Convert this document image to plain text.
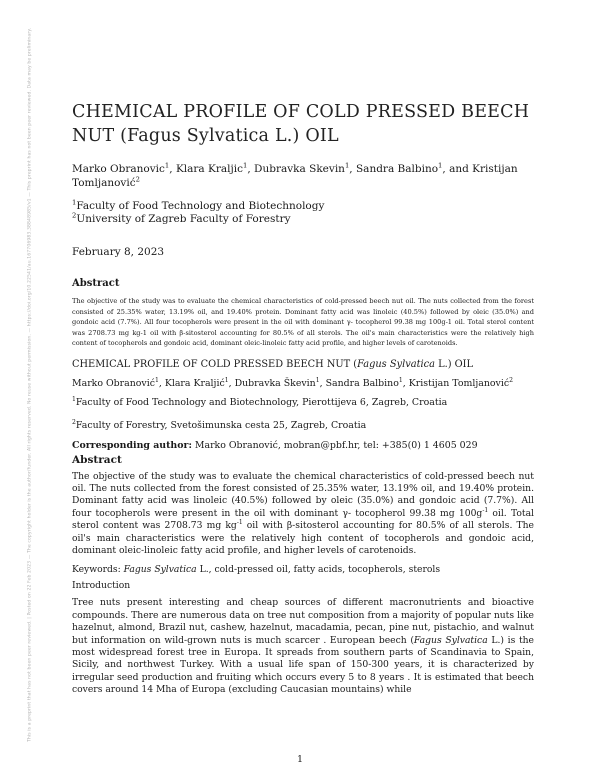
This is a preprint that has not been peer reviewed. | Posted on 22 Feb 2023 — The copyright holder is the author/funder. All rights reserved. No reuse without permission. — https://doi.org/10.22541/au.167706983.38848985/v1 — This preprint has not been peer reviewed. Data may be preliminary. CHEMICAL PROFILE OF COLD PRESSED BEECH NUT (Fagus Sylvatica L.) OIL
Marko Obranovic$^1$, Klara Kraljic$^1$, Dubravka Skevin$^1$, Sandra Balbino$^1$, and Kristijan Tomljanović$^2$
$^1$Faculty of Food Technology and Biotechnology
$^2$University of Zagreb Faculty of Forestry
February 8, 2023
Abstract
The objective of the study was to evaluate the chemical characteristics of cold-pressed beech nut oil. The nuts collected from the forest consisted of 25.35% water, 13.19% oil, and 19.40% protein. Dominant fatty acid was linoleic (40.5%) followed by oleic (35.0%) and gondoic acid (7.7%). All four tocopherols were present in the oil with dominant γ- tocopherol 99.38 mg 100g-1 oil. Total sterol content was 2708.73 mg kg-1 oil with β-sitosterol accounting for 80.5% of all sterols. The oil's main characteristics were the relatively high content of tocopherols and gondoic acid, dominant oleic-linoleic fatty acid profile, and higher levels of carotenoids.
CHEMICAL PROFILE OF COLD PRESSED BEECH NUT (Fagus Sylvatica L.) OIL
Marko Obranović$^1$, Klara Kraljić$^1$, Dubravka Škevin$^1$, Sandra Balbino$^1$, Kristijan Tomljanović$^2$
$^1$Faculty of Food Technology and Biotechnology, Pierottijeva 6, Zagreb, Croatia
$^2$Faculty of Forestry, Svetošimunska cesta 25, Zagreb, Croatia
Corresponding author: Marko Obranović, mobran@pbf.hr, tel: +385(0) 1 4605 029
Abstract
The objective of the study was to evaluate the chemical characteristics of cold-pressed beech nut oil. The nuts collected from the forest consisted of 25.35% water, 13.19% oil, and 19.40% protein. Dominant fatty acid was linoleic (40.5%) followed by oleic (35.0%) and gondoic acid (7.7%). All four tocopherols were present in the oil with dominant γ- tocopherol 99.38 mg $100g^{-1}$ oil. Total sterol content was 2708.73 mg $kg^{-1}$ oil with β-sitosterol accounting for 80.5% of all sterols. The oil's main characteristics were the relatively high content of tocopherols and gondoic acid, dominant oleic-linoleic fatty acid profile, and higher levels of carotenoids.
Keywords: Fagus Sylvatica L., cold-pressed oil, fatty acids, tocopherols, sterols
Introduction
Tree nuts present interesting and cheap sources of different macronutrients and bioactive compounds. There are numerous data on tree nut composition from a majority of popular nuts like hazelnut, almond, Brazil nut, cashew, hazelnut, macadamia, pecan, pine nut, pistachio, and walnut but information on wild-grown nuts is much scarcer . European beech (Fagus Sylvatica L.) is the most widespread forest tree in Europa. It spreads from southern parts of Scandinavia to Spain, Sicily, and northwest Turkey. With a usual life span of 150-300 years, it is characterized by irregular seed production and fruiting which occurs every 5 to 8 years . It is estimated that beech covers around 14 Mha of Europa (excluding Caucasian mountains) while
1
